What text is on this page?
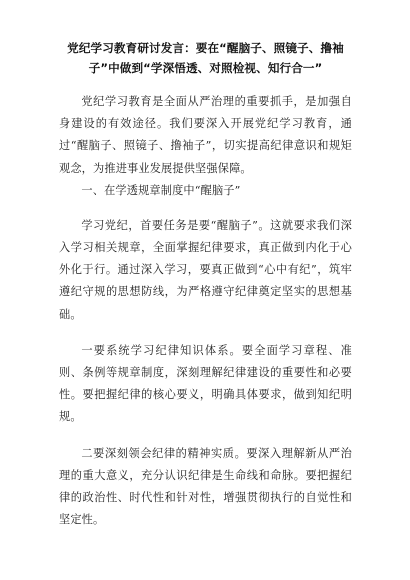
党纪学习教育研讨发言：要在“醒脑子、照镜子、撸袖子”中做到“学深悟透、对照检视、知行合一”

党纪学习教育是全面从严治理的重要抓手，是加强自身建设的有效途径。我们要深入开展党纪学习教育，通过“醒脑子、照镜子、撸袖子”，切实提高纪律意识和规矩观念，为推进事业发展提供坚强保障。

一、在学透规章制度中“醒脑子”

学习党纪，首要任务是要“醒脑子”。这就要求我们深入学习相关规章，全面掌握纪律要求，真正做到内化于心外化于行。通过深入学习，要真正做到“心中有纪”，筑牢遵纪守规的思想防线，为严格遵守纪律奠定坚实的思想基础。

一要系统学习纪律知识体系。要全面学习章程、准则、条例等规章制度，深刻理解纪律建设的重要性和必要性。要把握纪律的核心要义，明确具体要求，做到知纪明规。

二要深刻领会纪律的精神实质。要深入理解新从严治理的重大意义，充分认识纪律是生命线和命脉。要把握纪律的政治性、时代性和针对性，增强贯彻执行的自觉性和坚定性。
